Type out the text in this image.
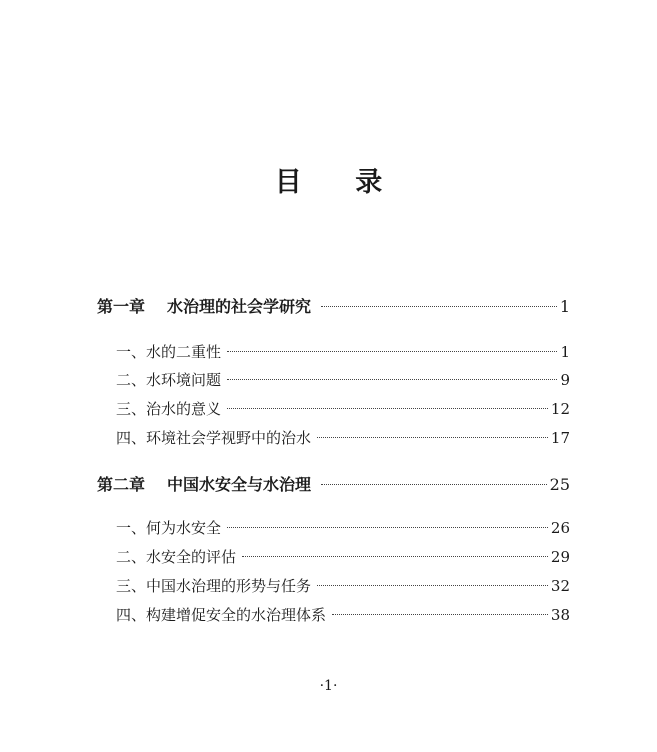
目 录
第一章 水治理的社会学研究	1
一、水的二重性	1
二、水环境问题	9
三、治水的意义	12
四、环境社会学视野中的治水	17
第二章 中国水安全与水治理	25
一、何为水安全	26
二、水安全的评估	29
三、中国水治理的形势与任务	32
四、构建增促安全的水治理体系	38
·1·
